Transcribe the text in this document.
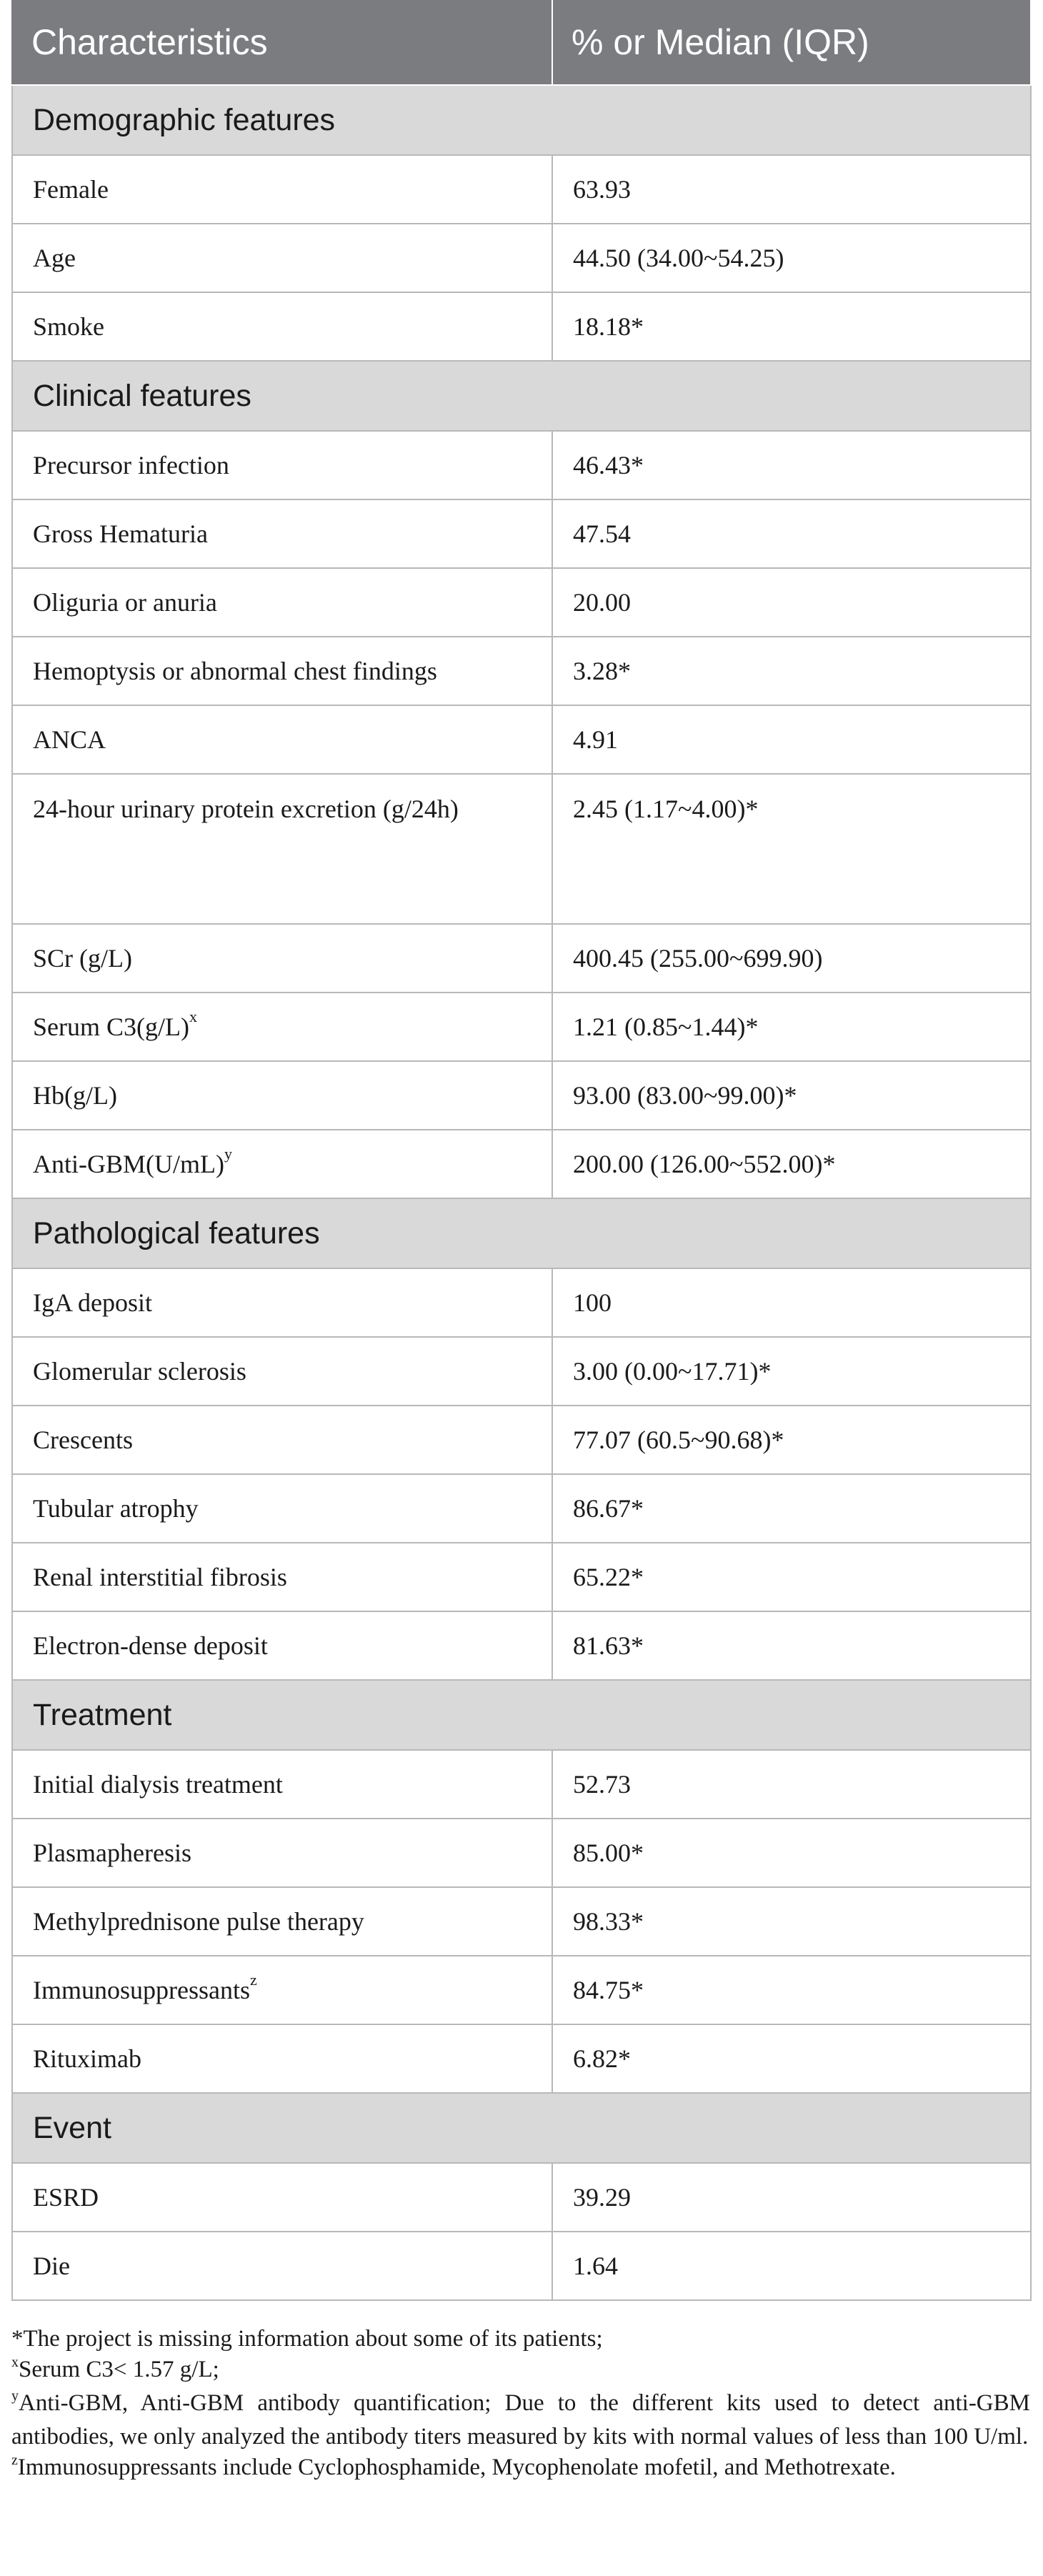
Characteristics	% or Median (IQR)
Demographic features	
Female	63.93
Age	44.50 (34.00~54.25)
Smoke	18.18*
Clinical features	
Precursor infection	46.43*
Gross Hematuria	47.54
Oliguria or anuria	20.00
Hemoptysis or abnormal chest findings	3.28*
ANCA	4.91
24-hour urinary protein excretion (g/24h)	2.45 (1.17~4.00)*
SCr (g/L)	400.45 (255.00~699.90)
Serum $C3(g/L)^x$	1.21 (0.85~1.44)*
Hb(g/L)	93.00 (83.00~99.00)*
Anti-$GBM(U/mL)^y$	200.00 (126.00~552.00)*
Pathological features	
IgA deposit	100
Glomerular sclerosis	3.00 (0.00~17.71)*
Crescents	77.07 (60.5~90.68)*
Tubular atrophy	86.67*
Renal interstitial fibrosis	65.22*
Electron-dense deposit	81.63*
Treatment	
Initial dialysis treatment	52.73
Plasmapheresis	85.00*
Methylprednisone pulse therapy	98.33*
Immunosuppressants$^z$	84.75*
Rituximab	6.82*
Event	
ESRD	39.29
Die	1.64

*The project is missing information about some of its patients;

$^x$Serum C3< 1.57 g/L;

$^y$Anti-GBM, Anti-GBM antibody quantification; Due to the different kits used to detect anti-GBM antibodies, we only analyzed the antibody titers measured by kits with normal values of less than 100 U/ml.

$^z$Immunosuppressants include Cyclophosphamide, Mycophenolate mofetil, and Methotrexate.
